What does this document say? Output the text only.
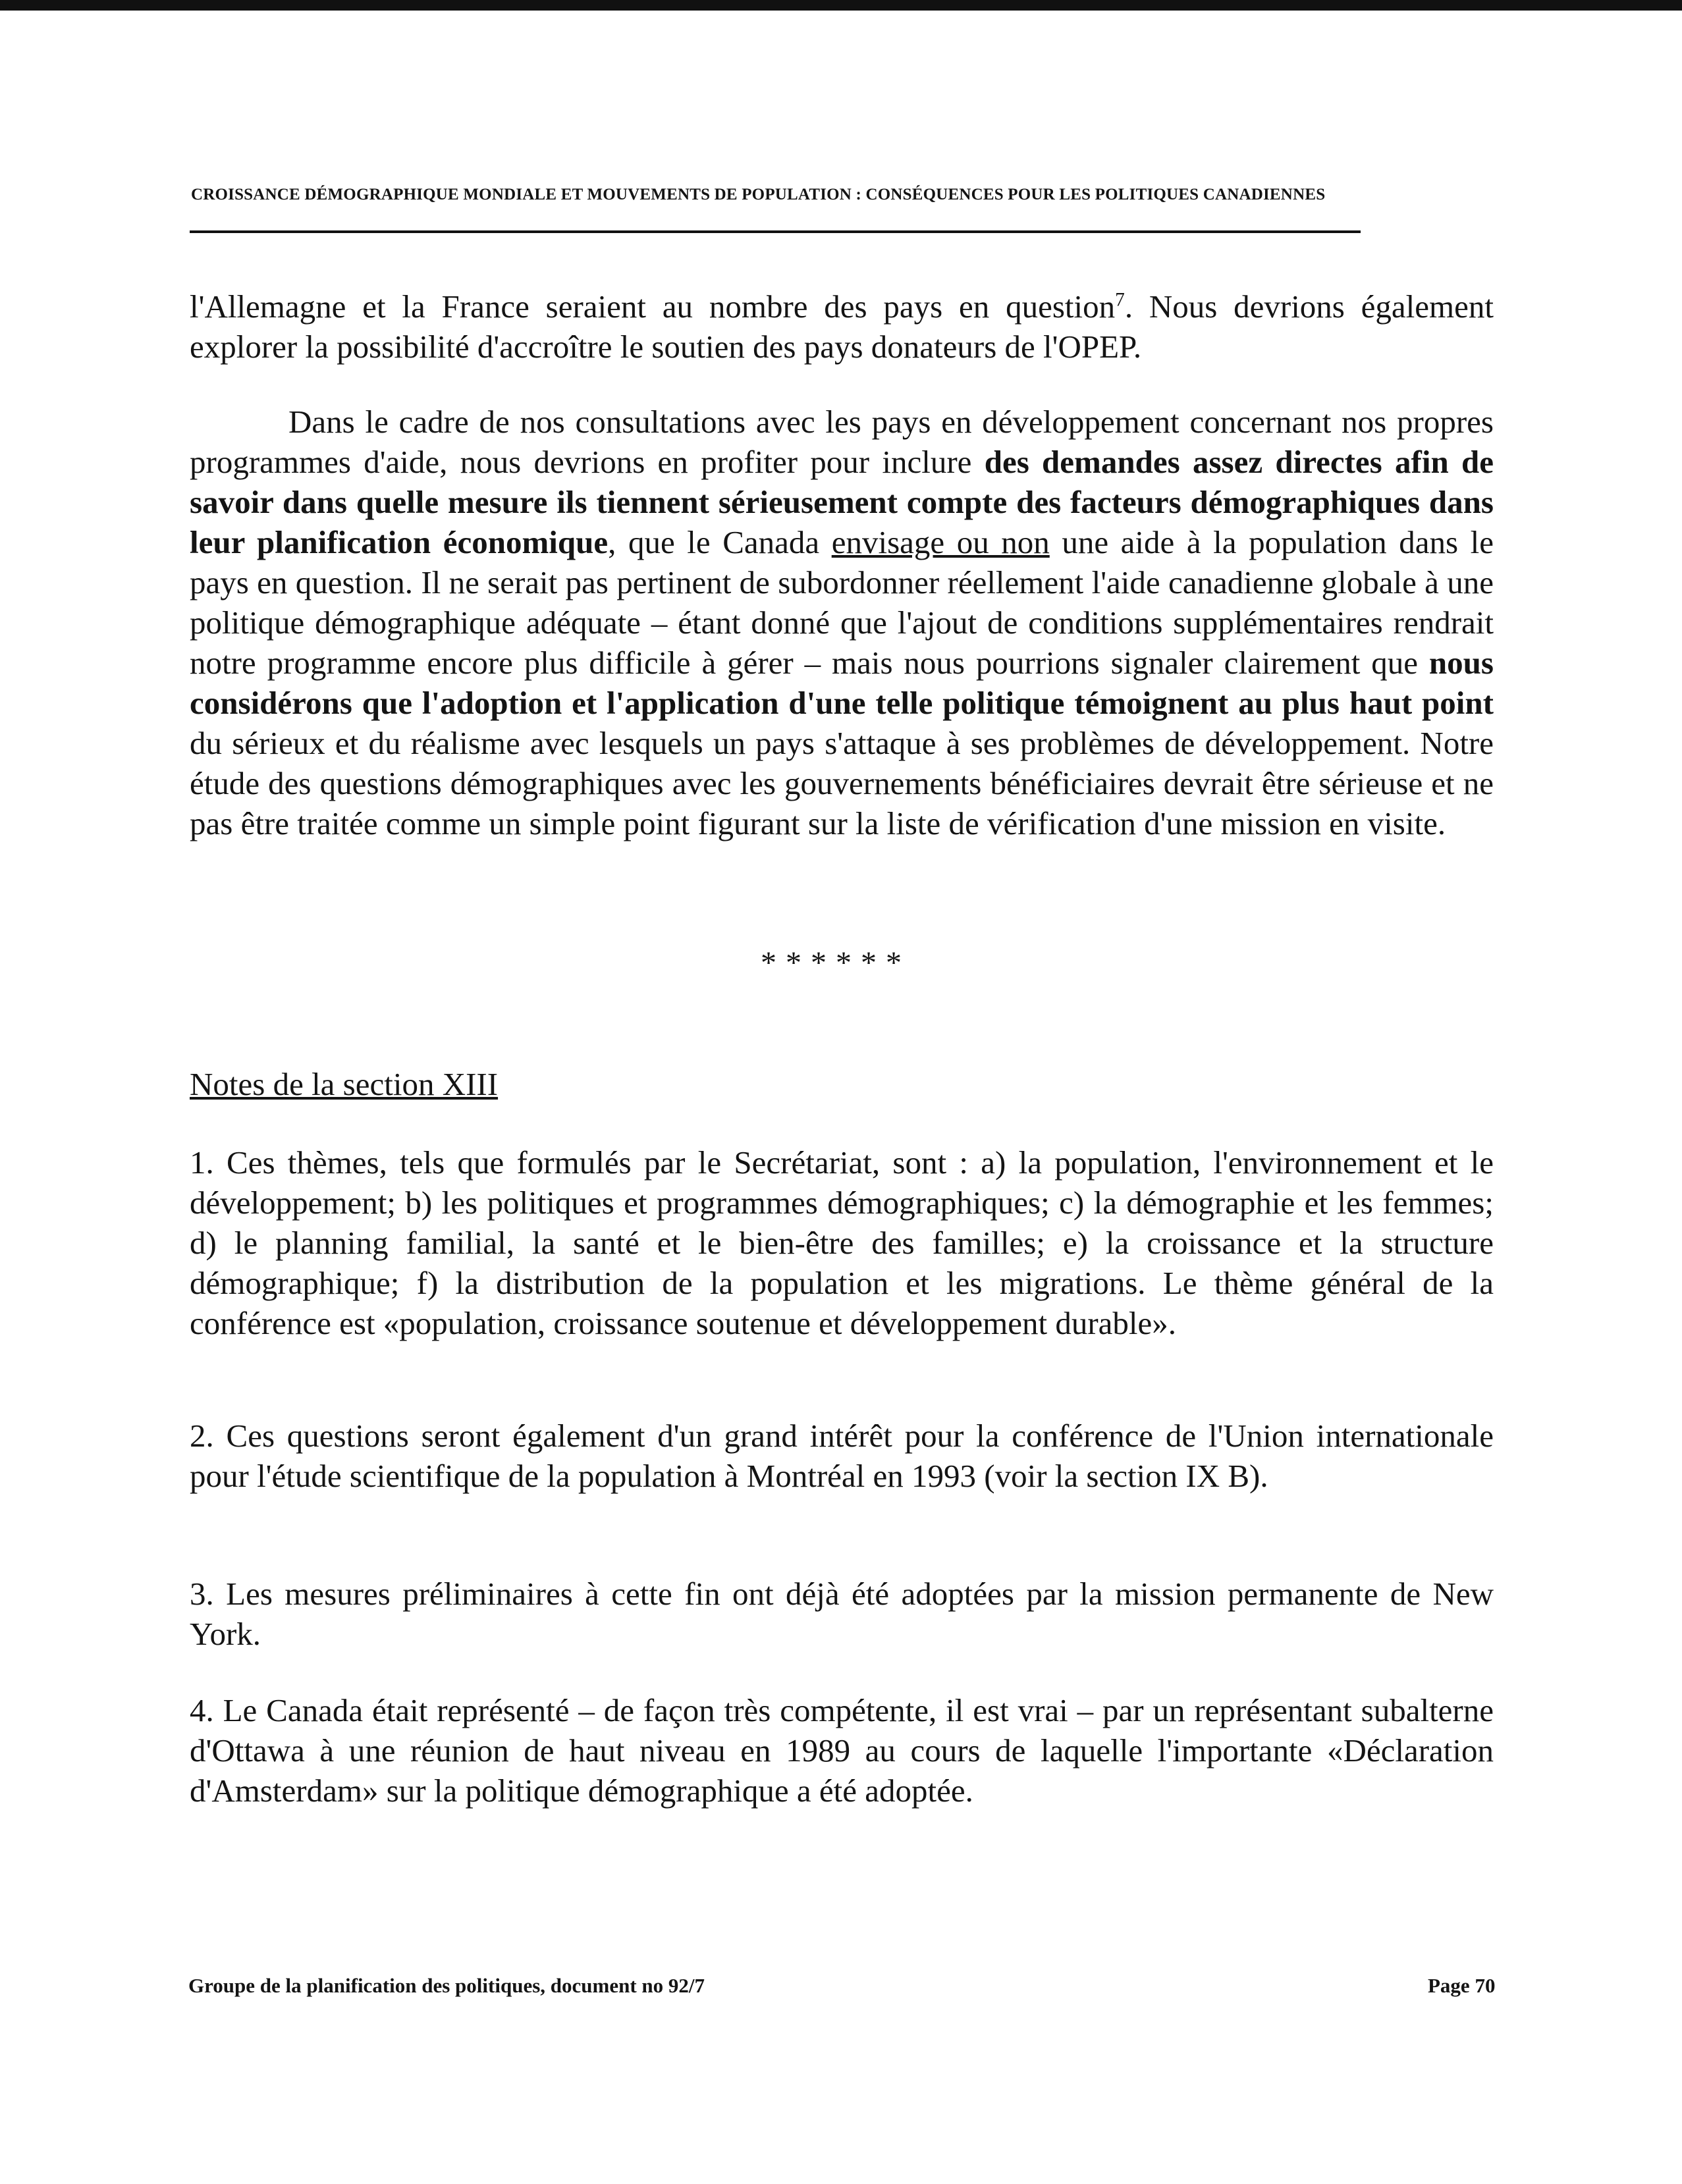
CROISSANCE DÉMOGRAPHIQUE MONDIALE ET MOUVEMENTS DE POPULATION : CONSÉQUENCES POUR LES POLITIQUES CANADIENNES
l'Allemagne et la France seraient au nombre des pays en question$^7$. Nous devrions également explorer la possibilité d'accroître le soutien des pays donateurs de l'OPEP.
Dans le cadre de nos consultations avec les pays en développement concernant nos propres programmes d'aide, nous devrions en profiter pour inclure des demandes assez directes afin de savoir dans quelle mesure ils tiennent sérieusement compte des facteurs démographiques dans leur planification économique, que le Canada envisage ou non une aide à la population dans le pays en question. Il ne serait pas pertinent de subordonner réellement l'aide canadienne globale à une politique démographique adéquate – étant donné que l'ajout de conditions supplémentaires rendrait notre programme encore plus difficile à gérer – mais nous pourrions signaler clairement que nous considérons que l'adoption et l'application d'une telle politique témoignent au plus haut point du sérieux et du réalisme avec lesquels un pays s'attaque à ses problèmes de développement. Notre étude des questions démographiques avec les gouvernements bénéficiaires devrait être sérieuse et ne pas être traitée comme un simple point figurant sur la liste de vérification d'une mission en visite.
******
Notes de la section XIII
1. Ces thèmes, tels que formulés par le Secrétariat, sont : a) la population, l'environnement et le développement; b) les politiques et programmes démographiques; c) la démographie et les femmes; d) le planning familial, la santé et le bien-être des familles; e) la croissance et la structure démographique; f) la distribution de la population et les migrations. Le thème général de la conférence est «population, croissance soutenue et développement durable».
2. Ces questions seront également d'un grand intérêt pour la conférence de l'Union internationale pour l'étude scientifique de la population à Montréal en 1993 (voir la section IX B).
3. Les mesures préliminaires à cette fin ont déjà été adoptées par la mission permanente de New York.
4. Le Canada était représenté – de façon très compétente, il est vrai – par un représentant subalterne d'Ottawa à une réunion de haut niveau en 1989 au cours de laquelle l'importante «Déclaration d'Amsterdam» sur la politique démographique a été adoptée.
Groupe de la planification des politiques, document no 92/7	Page 70
